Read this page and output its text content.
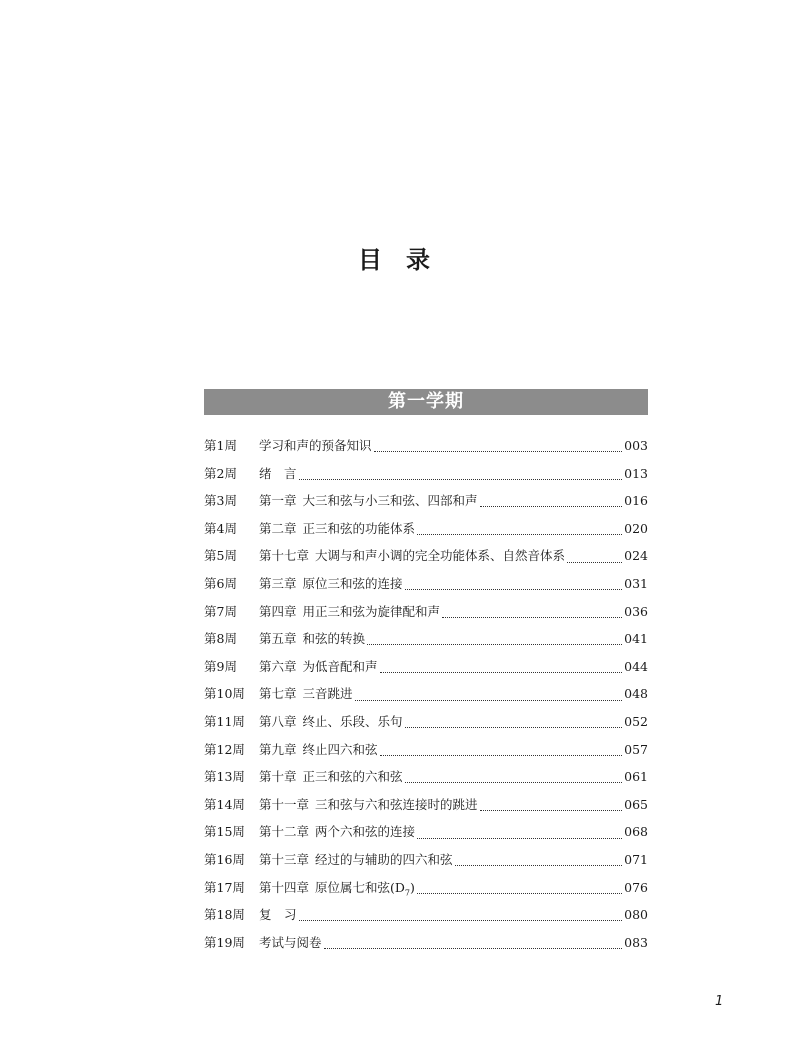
目 录
第一学期
第1周	学习和声的预备知识	003
第2周	绪　言	013
第3周	第一章 大三和弦与小三和弦、四部和声	016
第4周	第二章 正三和弦的功能体系	020
第5周	第十七章 大调与和声小调的完全功能体系、自然音体系	024
第6周	第三章 原位三和弦的连接	031
第7周	第四章 用正三和弦为旋律配和声	036
第8周	第五章 和弦的转换	041
第9周	第六章 为低音配和声	044
第10周	第七章 三音跳进	048
第11周	第八章 终止、乐段、乐句	052
第12周	第九章 终止四六和弦	057
第13周	第十章 正三和弦的六和弦	061
第14周	第十一章 三和弦与六和弦连接时的跳进	065
第15周	第十二章 两个六和弦的连接	068
第16周	第十三章 经过的与辅助的四六和弦	071
第17周	第十四章 原位属七和弦$(D_7)$	076
第18周	复　习	080
第19周	考试与阅卷	083
1
